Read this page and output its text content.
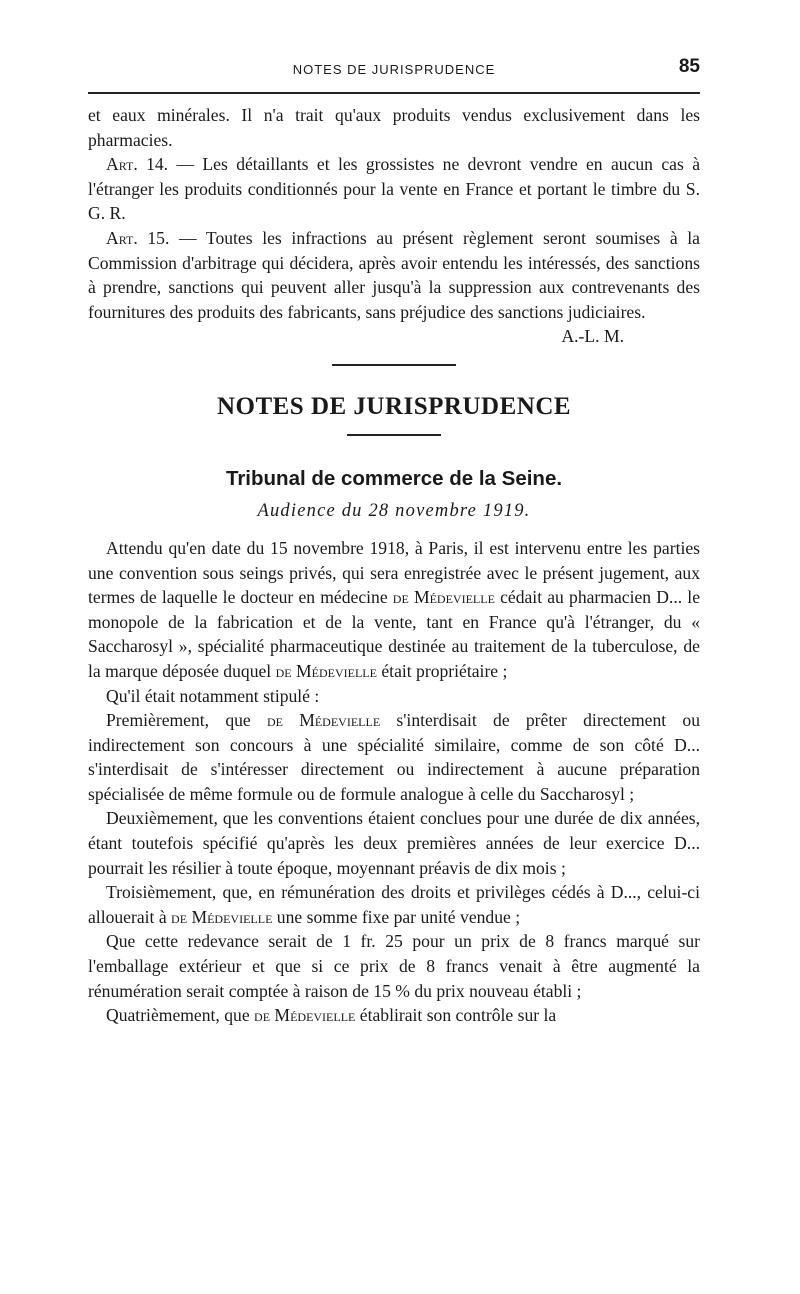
NOTES DE JURISPRUDENCE	85

et eaux minérales. Il n'a trait qu'aux produits vendus exclusivement dans les pharmacies.

Art. 14. — Les détaillants et les grossistes ne devront vendre en aucun cas à l'étranger les produits conditionnés pour la vente en France et portant le timbre du S. G. R.

Art. 15. — Toutes les infractions au présent règlement seront soumises à la Commission d'arbitrage qui décidera, après avoir entendu les intéressés, des sanctions à prendre, sanctions qui peuvent aller jusqu'à la suppression aux contrevenants des fournitures des produits des fabricants, sans préjudice des sanctions judiciaires.

A.-L. M.

NOTES DE JURISPRUDENCE
Tribunal de commerce de la Seine.
Audience du 28 novembre 1919.

Attendu qu'en date du 15 novembre 1918, à Paris, il est intervenu entre les parties une convention sous seings privés, qui sera enregistrée avec le présent jugement, aux termes de laquelle le docteur en médecine de Médevielle cédait au pharmacien D... le monopole de la fabrication et de la vente, tant en France qu'à l'étranger, du « Saccharosyl », spécialité pharmaceutique destinée au traitement de la tuberculose, de la marque déposée duquel de Médevielle était propriétaire ;

Qu'il était notamment stipulé :

Premièrement, que de Médevielle s'interdisait de prêter directement ou indirectement son concours à une spécialité similaire, comme de son côté D... s'interdisait de s'intéresser directement ou indirectement à aucune préparation spécialisée de même formule ou de formule analogue à celle du Saccharosyl ;

Deuxièmement, que les conventions étaient conclues pour une durée de dix années, étant toutefois spécifié qu'après les deux premières années de leur exercice D... pourrait les résilier à toute époque, moyennant préavis de dix mois ;

Troisièmement, que, en rémunération des droits et privilèges cédés à D..., celui-ci allouerait à de Médevielle une somme fixe par unité vendue ;

Que cette redevance serait de 1 fr. 25 pour un prix de 8 francs marqué sur l'emballage extérieur et que si ce prix de 8 francs venait à être augmenté la rénumération serait comptée à raison de 15 % du prix nouveau établi ;

Quatrièmement, que de Médevielle établirait son contrôle sur la
